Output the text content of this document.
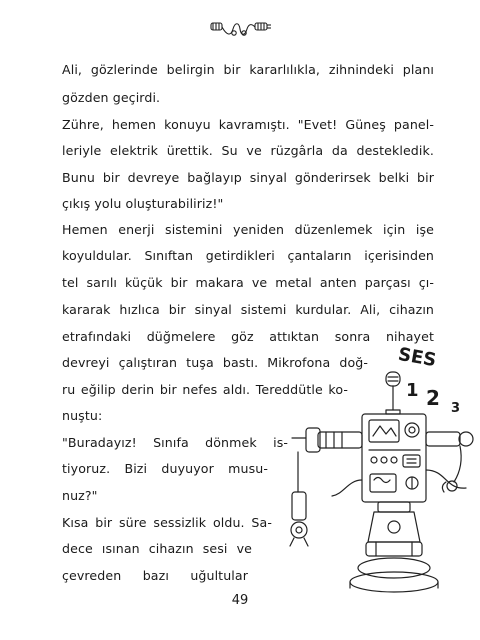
Ali, gözlerinde belirgin bir kararlılıkla, zihnindeki planı
gözden geçirdi.
Zühre, hemen konuyu kavramıştı. "Evet! Güneş panel-
leriyle elektrik ürettik. Su ve rüzgârla da destekledik.
Bunu bir devreye bağlayıp sinyal gönderirsek belki bir
çıkış yolu oluşturabiliriz!"
Hemen enerji sistemini yeniden düzenlemek için işe
koyuldular. Sınıftan getirdikleri çantaların içerisinden
tel sarılı küçük bir makara ve metal anten parçası çı-
kararak hızlıca bir sinyal sistemi kurdular. Ali, cihazın
etrafındaki düğmelere göz attıktan sonra nihayet
devreyi çalıştıran tuşa bastı. Mikrofona doğ-
ru eğilip derin bir nefes aldı. Tereddütle ko-
nuştu:
"Buradayız! Sınıfa dönmek is-
tiyoruz. Bizi duyuyor musu-
nuz?"
Kısa bir süre sessizlik oldu. Sa-
dece ısınan cihazın sesi ve
çevreden bazı uğultular
SES
1 2 3
49
